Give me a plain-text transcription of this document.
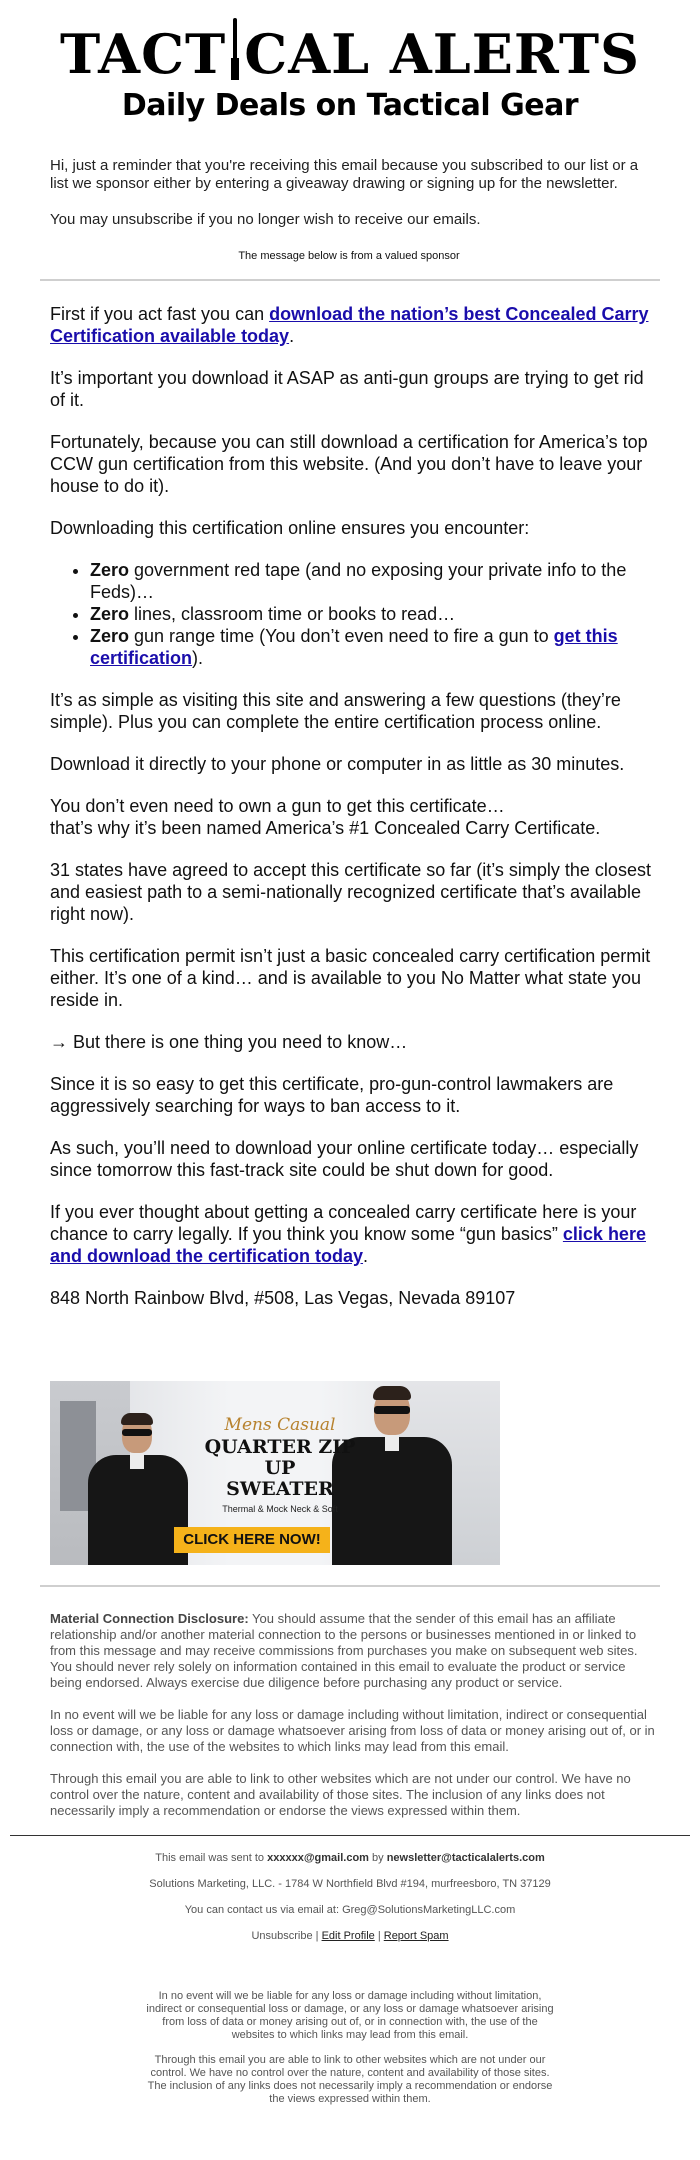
TACT CAL ALERTS
Daily Deals on Tactical Gear

Hi, just a reminder that you're receiving this email because you subscribed to our list or a list we sponsor either by entering a giveaway drawing or signing up for the newsletter.

You may unsubscribe if you no longer wish to receive our emails.

The message below is from a valued sponsor

First if you act fast you can download the nation’s best Concealed Carry Certification available today.

It’s important you download it ASAP as anti-gun groups are trying to get rid of it.

Fortunately, because you can still download a certification for America’s top CCW gun certification from this website. (And you don’t have to leave your house to do it).

Downloading this certification online ensures you encounter:

• Zero government red tape (and no exposing your private info to the Feds)…
• Zero lines, classroom time or books to read…
• Zero gun range time (You don’t even need to fire a gun to get this certification).

It’s as simple as visiting this site and answering a few questions (they’re simple). Plus you can complete the entire certification process online.

Download it directly to your phone or computer in as little as 30 minutes.

You don’t even need to own a gun to get this certificate…
that’s why it’s been named America’s #1 Concealed Carry Certificate.

31 states have agreed to accept this certificate so far (it’s simply the closest and easiest path to a semi-nationally recognized certificate that’s available right now).

This certification permit isn’t just a basic concealed carry certification permit either. It’s one of a kind… and is available to you No Matter what state you reside in.

→ But there is one thing you need to know…

Since it is so easy to get this certificate, pro-gun-control lawmakers are aggressively searching for ways to ban access to it.

As such, you’ll need to download your online certificate today… especially since tomorrow this fast-track site could be shut down for good.

If you ever thought about getting a concealed carry certificate here is your chance to carry legally. If you think you know some “gun basics” click here and download the certification today.

848 North Rainbow Blvd, #508, Las Vegas, Nevada 89107

Mens Casual
QUARTER ZIP UP
SWEATER
Thermal & Mock Neck & Soft
CLICK HERE NOW!

Material Connection Disclosure: You should assume that the sender of this email has an affiliate relationship and/or another material connection to the persons or businesses mentioned in or linked to from this message and may receive commissions from purchases you make on subsequent web sites. You should never rely solely on information contained in this email to evaluate the product or service being endorsed. Always exercise due diligence before purchasing any product or service.

In no event will we be liable for any loss or damage including without limitation, indirect or consequential loss or damage, or any loss or damage whatsoever arising from loss of data or money arising out of, or in connection with, the use of the websites to which links may lead from this email.

Through this email you are able to link to other websites which are not under our control. We have no control over the nature, content and availability of those sites. The inclusion of any links does not necessarily imply a recommendation or endorse the views expressed within them.

This email was sent to xxxxxx@gmail.com by newsletter@tacticalalerts.com

Solutions Marketing, LLC. - 1784 W Northfield Blvd #194, murfreesboro, TN 37129

You can contact us via email at: Greg@SolutionsMarketingLLC.com

Unsubscribe | Edit Profile | Report Spam

In no event will we be liable for any loss or damage including without limitation, indirect or consequential loss or damage, or any loss or damage whatsoever arising from loss of data or money arising out of, or in connection with, the use of the websites to which links may lead from this email.

Through this email you are able to link to other websites which are not under our control. We have no control over the nature, content and availability of those sites. The inclusion of any links does not necessarily imply a recommendation or endorse the views expressed within them.
